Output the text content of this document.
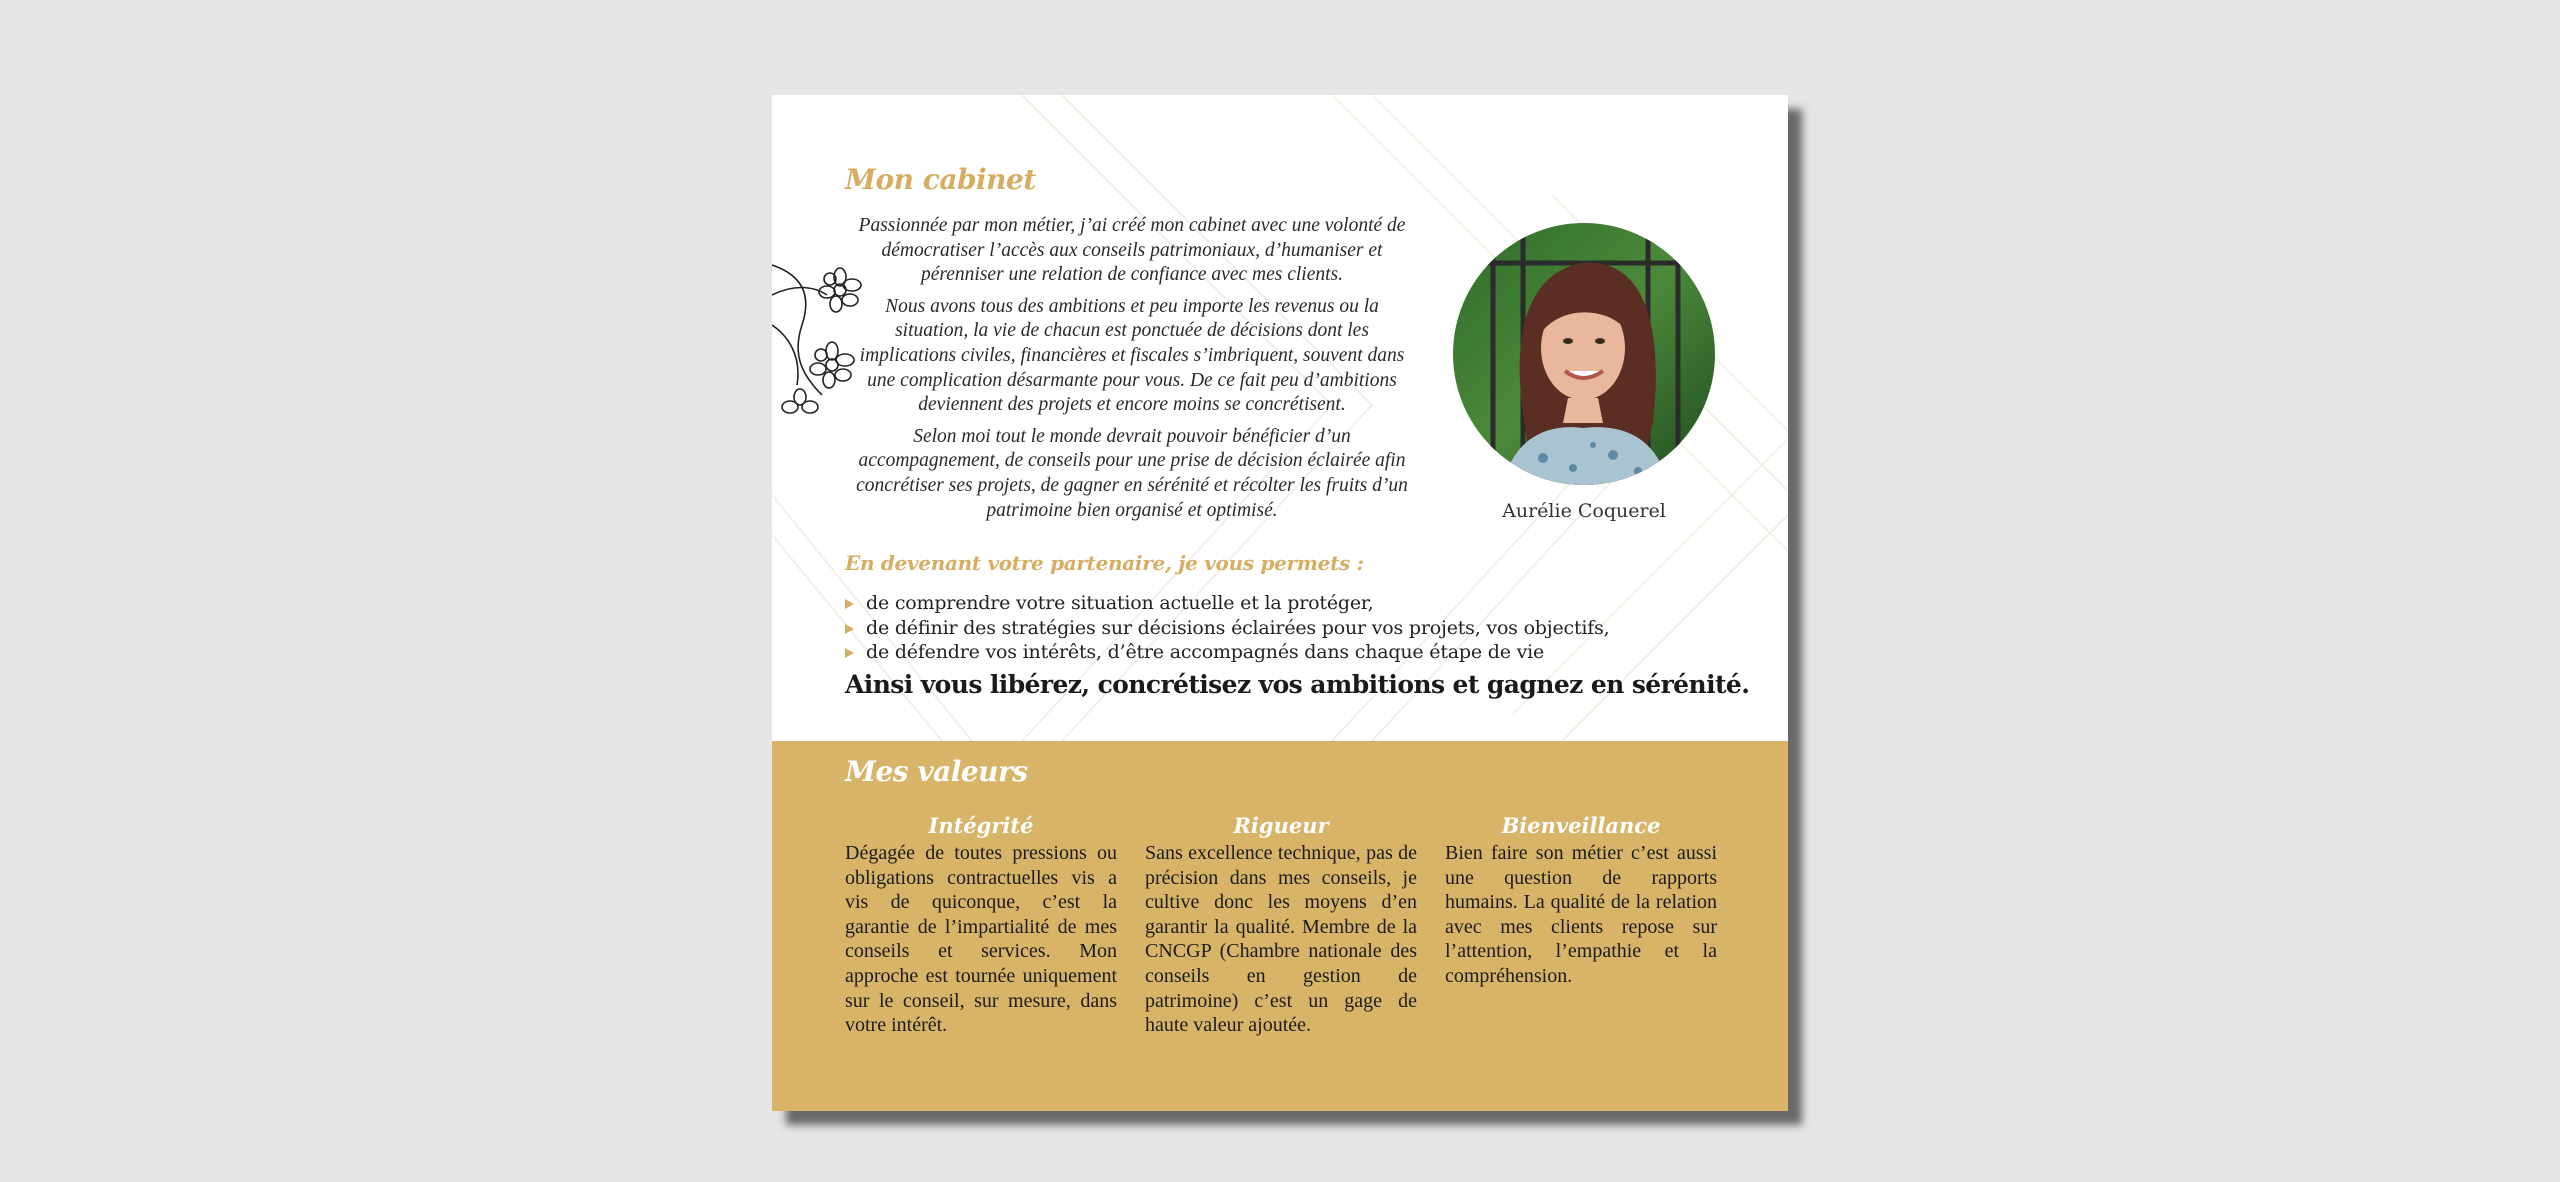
Mon cabinet

Passionnée par mon métier, j’ai créé mon cabinet avec une volonté de démocratiser l’accès aux conseils patrimoniaux, d’humaniser et pérenniser une relation de confiance avec mes clients.

Nous avons tous des ambitions et peu importe les revenus ou la situation, la vie de chacun est ponctuée de décisions dont les implications civiles, financières et fiscales s’imbriquent, souvent dans une complication désarmante pour vous. De ce fait peu d’ambitions deviennent des projets et encore moins se concrétisent.

Selon moi tout le monde devrait pouvoir bénéficier d’un accompagnement, de conseils pour une prise de décision éclairée afin concrétiser ses projets, de gagner en sérénité et récolter les fruits d’un patrimoine bien organisé et optimisé.	Aurélie Coquerel
En devenant votre partenaire, je vous permets :
de comprendre votre situation actuelle et la protéger,
de définir des stratégies sur décisions éclairées pour vos projets, vos objectifs,
de défendre vos intérêts, d’être accompagnés dans chaque étape de vie

Ainsi vous libérez, concrétisez vos ambitions et gagnez en sérénité.

Mes valeurs
Intégrité

Dégagée de toutes pressions ou obligations contractuelles vis a vis de quiconque, c’est la garantie de l’impartialité de mes conseils et services. Mon approche est tournée uniquement sur le conseil, sur mesure, dans votre intérêt.

Rigueur

Sans excellence technique, pas de précision dans mes conseils, je cultive donc les moyens d’en garantir la qualité. Membre de la CNCGP (Chambre nationale des conseils en gestion de patrimoine) c’est un gage de haute valeur ajoutée.

Bienveillance

Bien faire son métier c’est aussi une question de rapports humains. La qualité de la relation avec mes clients repose sur l’attention, l’empathie et la compréhension.
